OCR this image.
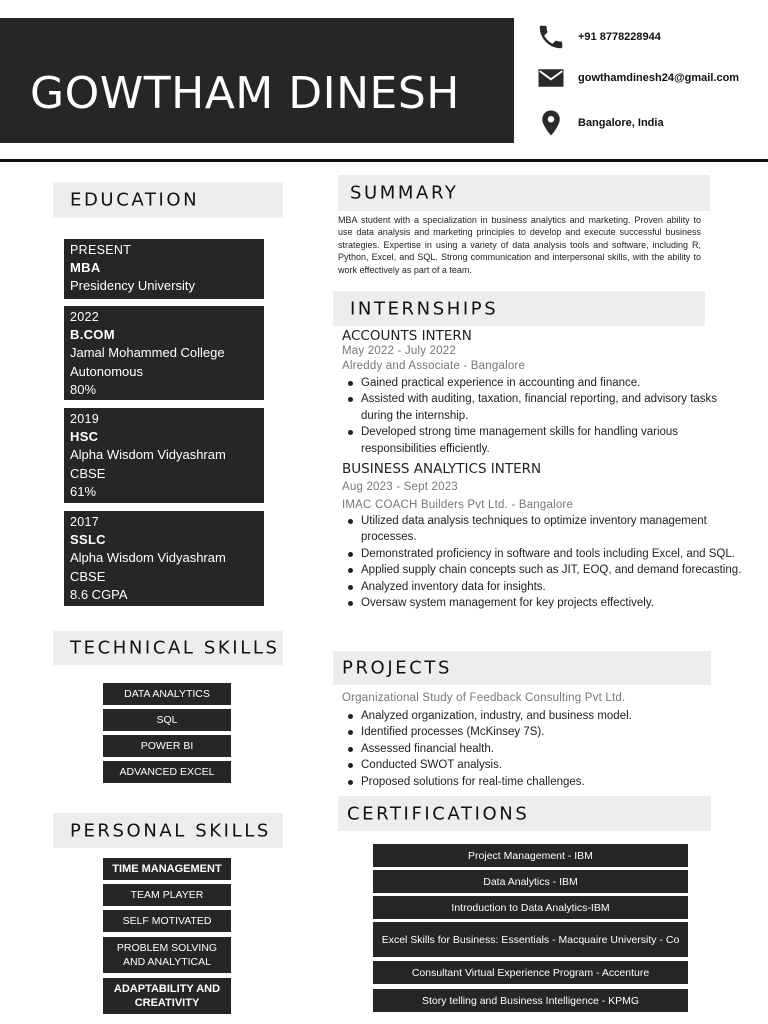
GOWTHAM DINESH
+91 8778228944
gowthamdinesh24@gmail.com
Bangalore, India
EDUCATION
PRESENT
MBA
Presidency University
2022
B.COM
Jamal Mohammed College
Autonomous
80%
2019
HSC
Alpha Wisdom Vidyashram
CBSE
61%
2017
SSLC
Alpha Wisdom Vidyashram
CBSE
8.6 CGPA
TECHNICAL SKILLS
DATA ANALYTICS
SQL
POWER BI
ADVANCED EXCEL
PERSONAL SKILLS
TIME MANAGEMENT
TEAM PLAYER
SELF MOTIVATED
PROBLEM SOLVING AND ANALYTICAL
ADAPTABILITY AND CREATIVITY
SUMMARY

MBA student with a specialization in business analytics and marketing. Proven ability to use data analysis and marketing principles to develop and execute successful business strategies. Expertise in using a variety of data analysis tools and software, including R, Python, Excel, and SQL. Strong communication and interpersonal skills, with the ability to work effectively as part of a team.

INTERNSHIPS
ACCOUNTS INTERN
May 2022 - July 2022
Alreddy and Associate - Bangalore
Gained practical experience in accounting and finance.
Assisted with auditing, taxation, financial reporting, and advisory tasks during the internship.
Developed strong time management skills for handling various responsibilities efficiently.
BUSINESS ANALYTICS INTERN
Aug 2023 - Sept 2023
IMAC COACH Builders Pvt Ltd. - Bangalore
Utilized data analysis techniques to optimize inventory management processes.
Demonstrated proficiency in software and tools including Excel, and SQL.
Applied supply chain concepts such as JIT, EOQ, and demand forecasting.
Analyzed inventory data for insights.
Oversaw system management for key projects effectively.
PROJECTS
Organizational Study of Feedback Consulting Pvt Ltd.
Analyzed organization, industry, and business model.
Identified processes (McKinsey 7S).
Assessed financial health.
Conducted SWOT analysis.
Proposed solutions for real-time challenges.
CERTIFICATIONS
Project Management - IBM
Data Analytics - IBM
Introduction to Data Analytics-IBM
Excel Skills for Business: Essentials - Macquaire University - Co
Consultant Virtual Experience Program - Accenture
Story telling and Business Intelligence - KPMG
